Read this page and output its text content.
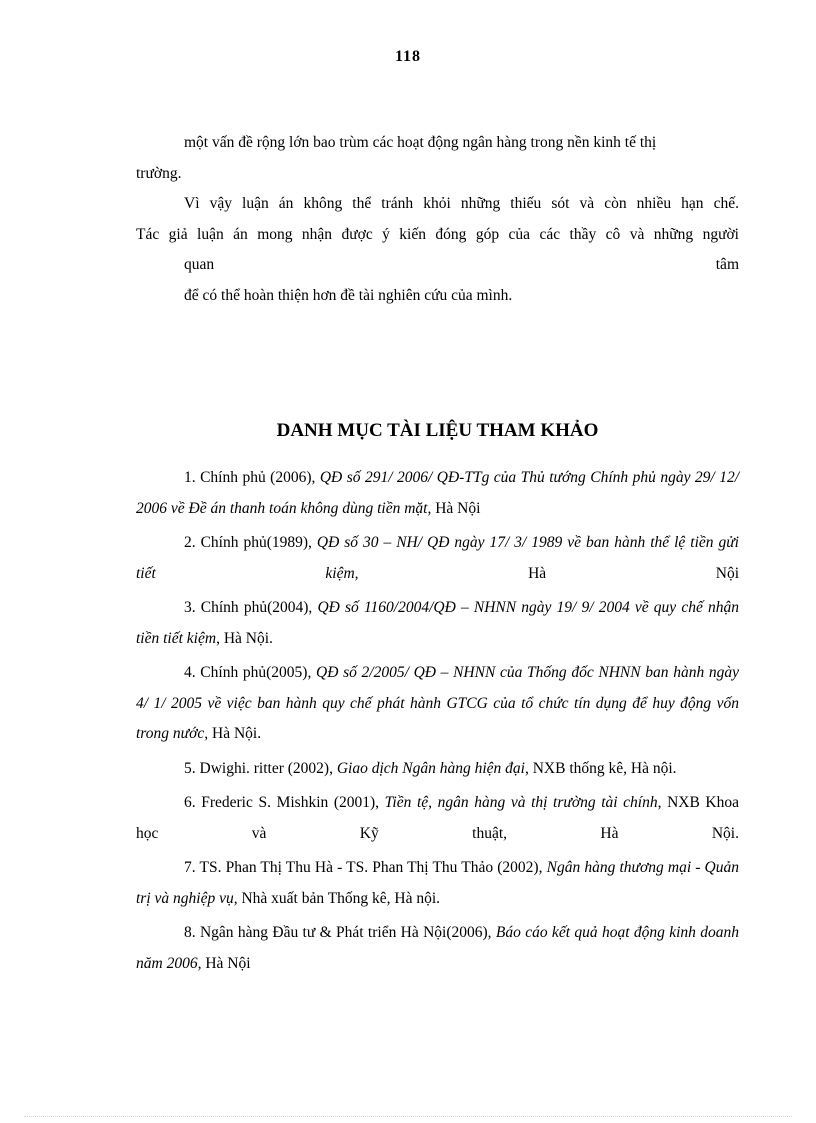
118

một vấn đề rộng lớn bao trùm các hoạt động ngân hàng trong nền kinh tế thị

trường.

Vì vậy luận án không thể tránh khỏi những thiếu sót và còn nhiều hạn chế.

Tác giả luận án mong nhận được ý kiến đóng góp của các thầy cô và những người

quan tâm

để có thể hoàn thiện hơn đề tài nghiên cứu của mình.

DANH MỤC TÀI LIỆU THAM KHẢO

1. Chính phủ (2006), QĐ số 291/ 2006/ QĐ-TTg của Thủ tướng Chính phủ ngày 29/ 12/ 2006 về Đề án thanh toán không dùng tiền mặt, Hà Nội

2. Chính phủ(1989), QĐ số 30 – NH/ QĐ ngày 17/ 3/ 1989 về ban hành thể lệ tiền gửi tiết kiệm, Hà Nội

3. Chính phủ(2004), QĐ số 1160/2004/QĐ – NHNN ngày 19/ 9/ 2004 về quy chế nhận tiền tiết kiệm, Hà Nội.

4. Chính phủ(2005), QĐ số 2/2005/ QĐ – NHNN của Thống đốc NHNN ban hành ngày 4/ 1/ 2005 về việc ban hành quy chế phát hành GTCG của tổ chức tín dụng để huy động vốn trong nước, Hà Nội.

5. Dwighi. ritter (2002), Giao dịch Ngân hàng hiện đại, NXB thống kê, Hà nội.

6. Frederic S. Mishkin (2001), Tiền tệ, ngân hàng và thị trường tài chính, NXB Khoa học và Kỹ thuật, Hà Nội.

7. TS. Phan Thị Thu Hà - TS. Phan Thị Thu Thảo (2002), Ngân hàng thương mại - Quản trị và nghiệp vụ, Nhà xuất bản Thống kê, Hà nội.

8. Ngân hàng Đầu tư & Phát triển Hà Nội(2006), Báo cáo kết quả hoạt động kinh doanh năm 2006, Hà Nội
